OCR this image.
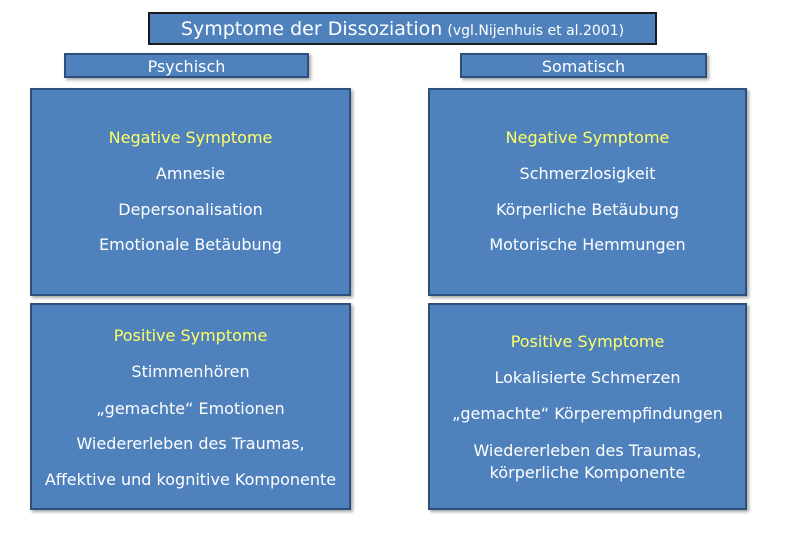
Symptome der Dissoziation (vgl.Nijenhuis et al.2001)
Psychisch	Somatisch
Negative Symptome
Amnesie
Depersonalisation
Emotionale Betäubung
Negative Symptome
Schmerzlosigkeit
Körperliche Betäubung
Motorische Hemmungen
Positive Symptome
Stimmenhören
„gemachte“ Emotionen
Wiedererleben des Traumas,
Affektive und kognitive Komponente
Positive Symptome
Lokalisierte Schmerzen
„gemachte“ Körperempfindungen
Wiedererleben des Traumas,
körperliche Komponente
